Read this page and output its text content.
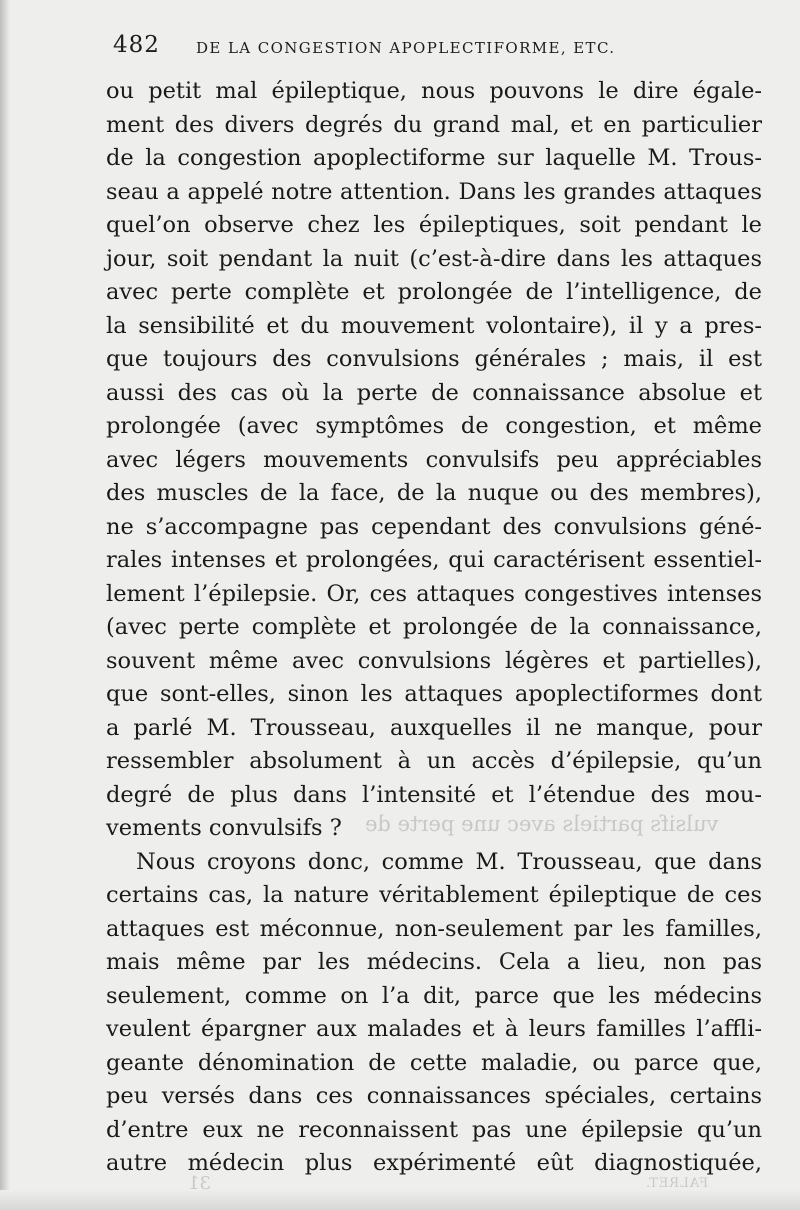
vulsifs partiels avec une perte de
FALRET.
31
482 DE LA CONGESTION APOPLECTIFORME, ETC.
ou petit mal épileptique, nous pouvons le dire égale-
ment des divers degrés du grand mal, et en particulier
de la congestion apoplectiforme sur laquelle M. Trous-
seau a appelé notre attention. Dans les grandes attaques
quel’on observe chez les épileptiques, soit pendant le
jour, soit pendant la nuit (c’est-à-dire dans les attaques
avec perte complète et prolongée de l’intelligence, de
la sensibilité et du mouvement volontaire), il y a pres-
que toujours des convulsions générales ; mais, il est
aussi des cas où la perte de connaissance absolue et
prolongée (avec symptômes de congestion, et même
avec légers mouvements convulsifs peu appréciables
des muscles de la face, de la nuque ou des membres),
ne s’accompagne pas cependant des convulsions géné-
rales intenses et prolongées, qui caractérisent essentiel-
lement l’épilepsie. Or, ces attaques congestives intenses
(avec perte complète et prolongée de la connaissance,
souvent même avec convulsions légères et partielles),
que sont-elles, sinon les attaques apoplectiformes dont
a parlé M. Trousseau, auxquelles il ne manque, pour
ressembler absolument à un accès d’épilepsie, qu’un
degré de plus dans l’intensité et l’étendue des mou-
vements convulsifs ?
Nous croyons donc, comme M. Trousseau, que dans
certains cas, la nature véritablement épileptique de ces
attaques est méconnue, non-seulement par les familles,
mais même par les médecins. Cela a lieu, non pas
seulement, comme on l’a dit, parce que les médecins
veulent épargner aux malades et à leurs familles l’affli-
geante dénomination de cette maladie, ou parce que,
peu versés dans ces connaissances spéciales, certains
d’entre eux ne reconnaissent pas une épilepsie qu’un
autre médecin plus expérimenté eût diagnostiquée,
